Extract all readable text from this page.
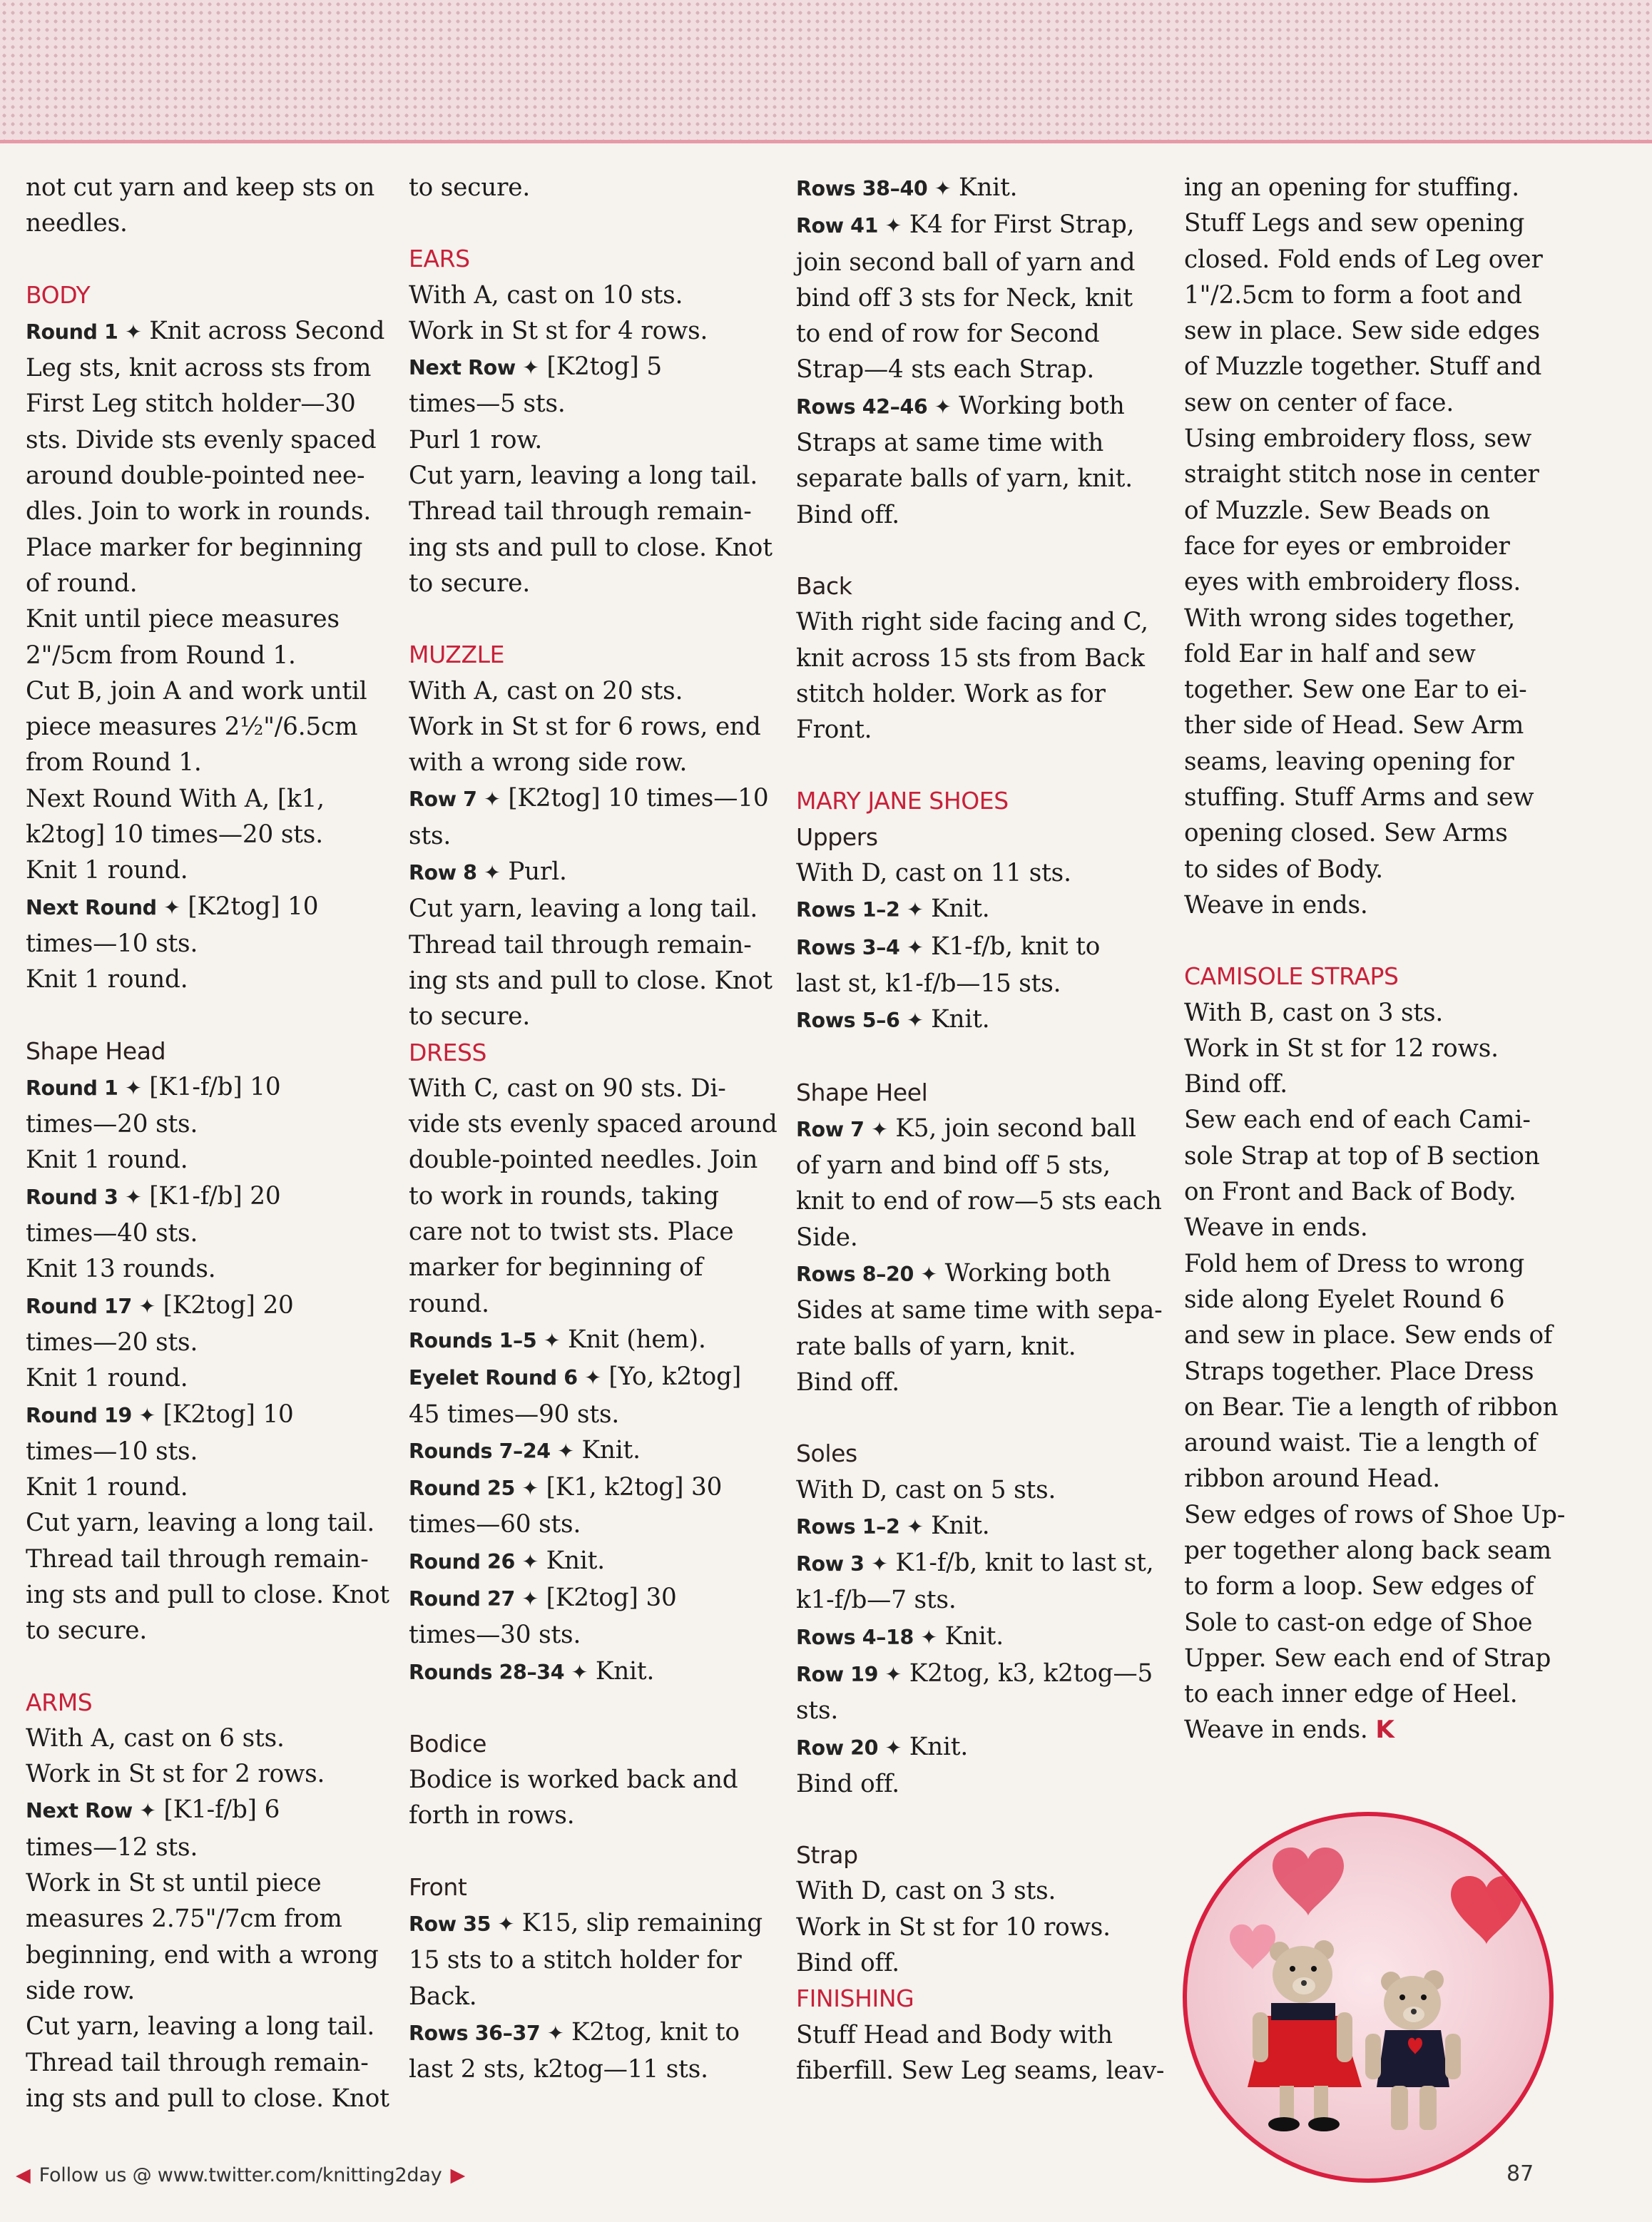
not cut yarn and keep sts on

needles.

BODY

Round 1 ✦ Knit across Second

Leg sts, knit across sts from

First Leg stitch holder—30

sts. Divide sts evenly spaced

around double-pointed nee-

dles. Join to work in rounds.

Place marker for beginning

of round.

Knit until piece measures

2"/5cm from Round 1.

Cut B, join A and work until

piece measures 2½"/6.5cm

from Round 1.

Next Round With A, [k1,

k2tog] 10 times—20 sts.

Knit 1 round.

Next Round ✦ [K2tog] 10

times—10 sts.

Knit 1 round.

Shape Head

Round 1 ✦ [K1-f/b] 10

times—20 sts.

Knit 1 round.

Round 3 ✦ [K1-f/b] 20

times—40 sts.

Knit 13 rounds.

Round 17 ✦ [K2tog] 20

times—20 sts.

Knit 1 round.

Round 19 ✦ [K2tog] 10

times—10 sts.

Knit 1 round.

Cut yarn, leaving a long tail.

Thread tail through remain-

ing sts and pull to close. Knot

to secure.

ARMS

With A, cast on 6 sts.

Work in St st for 2 rows.

Next Row ✦ [K1-f/b] 6

times—12 sts.

Work in St st until piece

measures 2.75"/7cm from

beginning, end with a wrong

side row.

Cut yarn, leaving a long tail.

Thread tail through remain-

ing sts and pull to close. Knot

to secure.

EARS

With A, cast on 10 sts.

Work in St st for 4 rows.

Next Row ✦ [K2tog] 5

times—5 sts.

Purl 1 row.

Cut yarn, leaving a long tail.

Thread tail through remain-

ing sts and pull to close. Knot

to secure.

MUZZLE

With A, cast on 20 sts.

Work in St st for 6 rows, end

with a wrong side row.

Row 7 ✦ [K2tog] 10 times—10

sts.

Row 8 ✦ Purl.

Cut yarn, leaving a long tail.

Thread tail through remain-

ing sts and pull to close. Knot

to secure.

DRESS

With C, cast on 90 sts. Di-

vide sts evenly spaced around

double-pointed needles. Join

to work in rounds, taking

care not to twist sts. Place

marker for beginning of

round.

Rounds 1–5 ✦ Knit (hem).

Eyelet Round 6 ✦ [Yo, k2tog]

45 times—90 sts.

Rounds 7–24 ✦ Knit.

Round 25 ✦ [K1, k2tog] 30

times—60 sts.

Round 26 ✦ Knit.

Round 27 ✦ [K2tog] 30

times—30 sts.

Rounds 28–34 ✦ Knit.

Bodice

Bodice is worked back and

forth in rows.

Front

Row 35 ✦ K15, slip remaining

15 sts to a stitch holder for

Back.

Rows 36–37 ✦ K2tog, knit to

last 2 sts, k2tog—11 sts.

Rows 38–40 ✦ Knit.

Row 41 ✦ K4 for First Strap,

join second ball of yarn and

bind off 3 sts for Neck, knit

to end of row for Second

Strap—4 sts each Strap.

Rows 42–46 ✦ Working both

Straps at same time with

separate balls of yarn, knit.

Bind off.

Back

With right side facing and C,

knit across 15 sts from Back

stitch holder. Work as for

Front.

MARY JANE SHOES

Uppers

With D, cast on 11 sts.

Rows 1–2 ✦ Knit.

Rows 3–4 ✦ K1-f/b, knit to

last st, k1-f/b—15 sts.

Rows 5–6 ✦ Knit.

Shape Heel

Row 7 ✦ K5, join second ball

of yarn and bind off 5 sts,

knit to end of row—5 sts each

Side.

Rows 8–20 ✦ Working both

Sides at same time with sepa-

rate balls of yarn, knit.

Bind off.

Soles

With D, cast on 5 sts.

Rows 1–2 ✦ Knit.

Row 3 ✦ K1-f/b, knit to last st,

k1-f/b—7 sts.

Rows 4–18 ✦ Knit.

Row 19 ✦ K2tog, k3, k2tog—5

sts.

Row 20 ✦ Knit.

Bind off.

Strap

With D, cast on 3 sts.

Work in St st for 10 rows.

Bind off.

FINISHING

Stuff Head and Body with

fiberfill. Sew Leg seams, leav-

ing an opening for stuffing.

Stuff Legs and sew opening

closed. Fold ends of Leg over

1"/2.5cm to form a foot and

sew in place. Sew side edges

of Muzzle together. Stuff and

sew on center of face.

Using embroidery floss, sew

straight stitch nose in center

of Muzzle. Sew Beads on

face for eyes or embroider

eyes with embroidery floss.

With wrong sides together,

fold Ear in half and sew

together. Sew one Ear to ei-

ther side of Head. Sew Arm

seams, leaving opening for

stuffing. Stuff Arms and sew

opening closed. Sew Arms

to sides of Body.

Weave in ends.

CAMISOLE STRAPS

With B, cast on 3 sts.

Work in St st for 12 rows.

Bind off.

Sew each end of each Cami-

sole Strap at top of B section

on Front and Back of Body.

Weave in ends.

Fold hem of Dress to wrong

side along Eyelet Round 6

and sew in place. Sew ends of

Straps together. Place Dress

on Bear. Tie a length of ribbon

around waist. Tie a length of

ribbon around Head.

Sew edges of rows of Shoe Up-

per together along back seam

to form a loop. Sew edges of

Sole to cast-on edge of Shoe

Upper. Sew each end of Strap

to each inner edge of Heel.

Weave in ends. K

◀ Follow us @ www.twitter.com/knitting2day ▶	87
